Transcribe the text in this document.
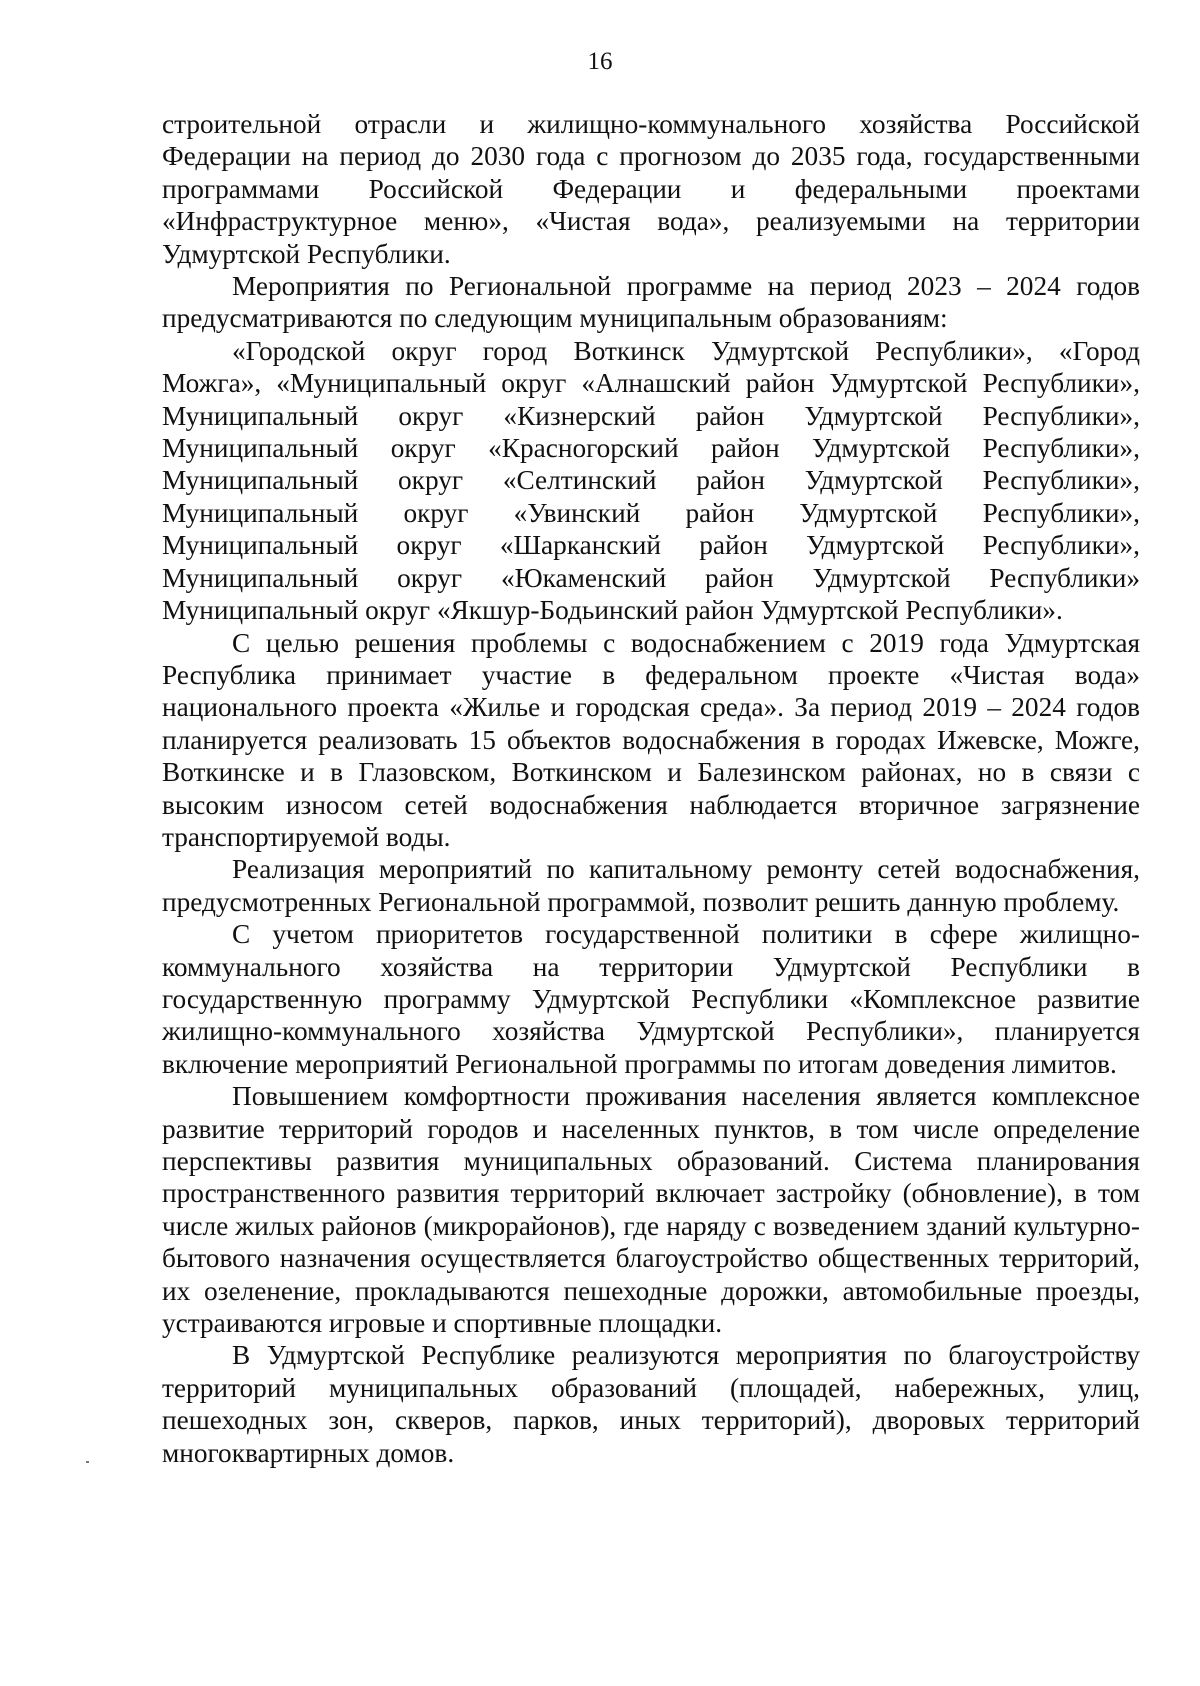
16

строительной отрасли и жилищно-коммунального хозяйства Российской Федерации на период до 2030 года с прогнозом до 2035 года, государственными программами Российской Федерации и федеральными проектами «Инфраструктурное меню», «Чистая вода», реализуемыми на территории Удмуртской Республики.

Мероприятия по Региональной программе на период 2023 – 2024 годов предусматриваются по следующим муниципальным образованиям:

«Городской округ город Воткинск Удмуртской Республики», «Город
Можга», «Муниципальный округ «Алнашский район Удмуртской Республики»,
Муниципальный округ «Кизнерский район Удмуртской Республики»,
Муниципальный округ «Красногорский район Удмуртской Республики»,
Муниципальный округ «Селтинский район Удмуртской Республики»,
Муниципальный округ «Увинский район Удмуртской Республики»,
Муниципальный округ «Шарканский район Удмуртской Республики»,
Муниципальный округ «Юкаменский район Удмуртской Республики»
Муниципальный округ «Якшур-Бодьинский район Удмуртской Республики».

С целью решения проблемы с водоснабжением с 2019 года Удмуртская Республика принимает участие в федеральном проекте «Чистая вода» национального проекта «Жилье и городская среда». За период 2019 – 2024 годов планируется реализовать 15 объектов водоснабжения в городах Ижевске, Можге, Воткинске и в Глазовском, Воткинском и Балезинском районах, но в связи с высоким износом сетей водоснабжения наблюдается вторичное загрязнение транспортируемой воды.

Реализация мероприятий по капитальному ремонту сетей водоснабжения, предусмотренных Региональной программой, позволит решить данную проблему.

С учетом приоритетов государственной политики в сфере жилищно-коммунального хозяйства на территории Удмуртской Республики в государственную программу Удмуртской Республики «Комплексное развитие жилищно-коммунального хозяйства Удмуртской Республики», планируется включение мероприятий Региональной программы по итогам доведения лимитов.

Повышением комфортности проживания населения является комплексное развитие территорий городов и населенных пунктов, в том числе определение перспективы развития муниципальных образований. Система планирования пространственного развития территорий включает застройку (обновление), в том числе жилых районов (микрорайонов), где наряду с возведением зданий культурно-бытового назначения осуществляется благоустройство общественных территорий, их озеленение, прокладываются пешеходные дорожки, автомобильные проезды, устраиваются игровые и спортивные площадки.

В Удмуртской Республике реализуются мероприятия по благоустройству территорий муниципальных образований (площадей, набережных, улиц, пешеходных зон, скверов, парков, иных территорий), дворовых территорий многоквартирных домов.
